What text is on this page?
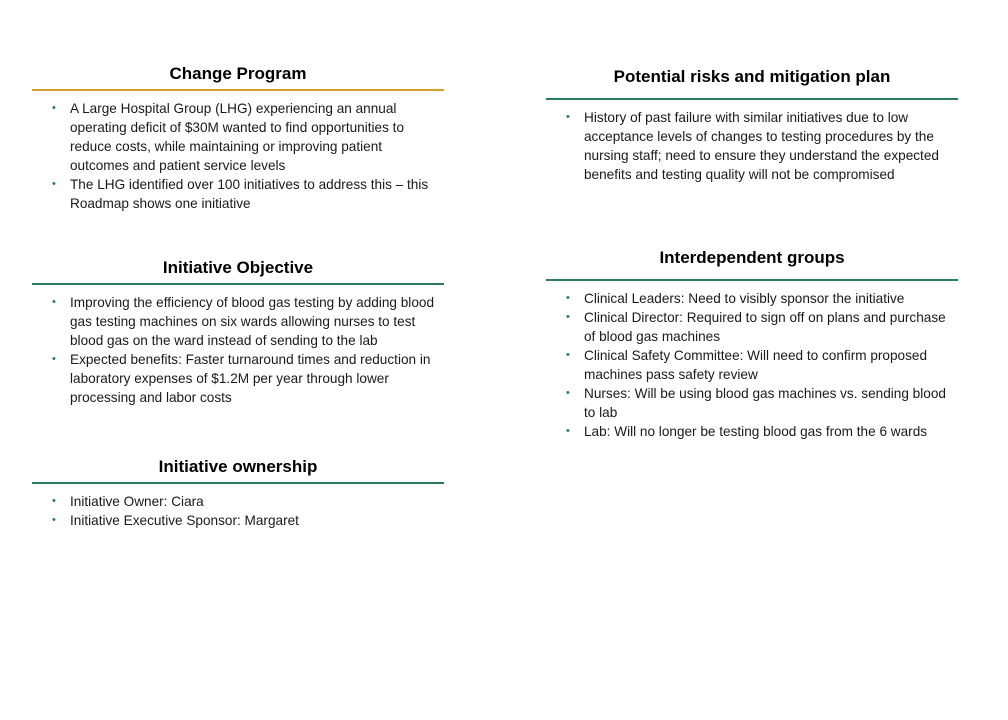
Change Program
• A Large Hospital Group (LHG) experiencing an annual operating deficit of $30M wanted to find opportunities to reduce costs, while maintaining or improving patient outcomes and patient service levels
• The LHG identified over 100 initiatives to address this – this Roadmap shows one initiative
Initiative Objective
• Improving the efficiency of blood gas testing by adding blood gas testing machines on six wards allowing nurses to test blood gas on the ward instead of sending to the lab
• Expected benefits: Faster turnaround times and reduction in laboratory expenses of $1.2M per year through lower processing and labor costs
Initiative ownership
• Initiative Owner: Ciara
• Initiative Executive Sponsor: Margaret
Potential risks and mitigation plan
• History of past failure with similar initiatives due to low acceptance levels of changes to testing procedures by the nursing staff; need to ensure they understand the expected benefits and testing quality will not be compromised
Interdependent groups
• Clinical Leaders: Need to visibly sponsor the initiative
• Clinical Director: Required to sign off on plans and purchase of blood gas machines
• Clinical Safety Committee: Will need to confirm proposed machines pass safety review
• Nurses: Will be using blood gas machines vs. sending blood to lab
• Lab: Will no longer be testing blood gas from the 6 wards
